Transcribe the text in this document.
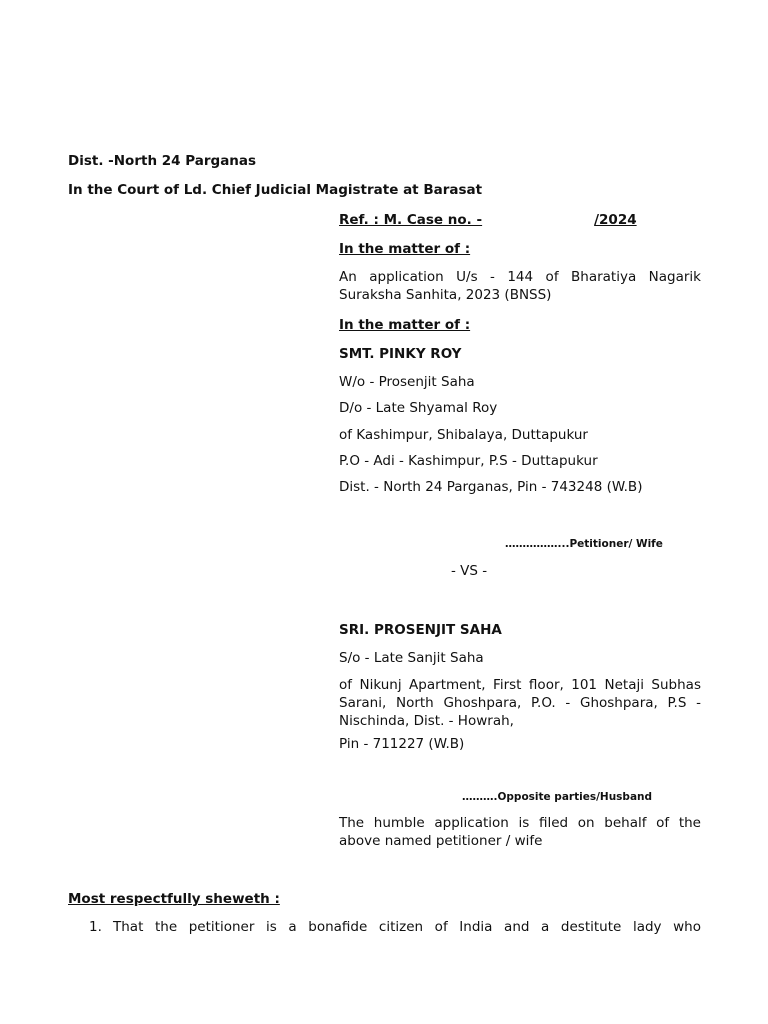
Dist. -North 24 Parganas

In the Court of Ld. Chief Judicial Magistrate at Barasat

Ref. : M. Case no. -	/2024

In the matter of :

An application U/s - 144 of Bharatiya Nagarik Suraksha Sanhita, 2023 (BNSS)

In the matter of :

SMT. PINKY ROY

W/o - Prosenjit Saha

D/o - Late Shyamal Roy

of Kashimpur, Shibalaya, Duttapukur

P.O - Adi - Kashimpur, P.S - Duttapukur

Dist. - North 24 Parganas, Pin - 743248 (W.B)

……………...Petitioner/ Wife

- VS -

SRI. PROSENJIT SAHA

S/o - Late Sanjit Saha

of Nikunj Apartment, First floor, 101 Netaji Subhas Sarani, North Ghoshpara, P.O. - Ghoshpara, P.S - Nischinda, Dist. - Howrah,

Pin - 711227 (W.B)

……….Opposite parties/Husband

The humble application is filed on behalf of the above named petitioner / wife

Most respectfully sheweth :

1. That the petitioner is a bonafide citizen of India and a destitute lady who
